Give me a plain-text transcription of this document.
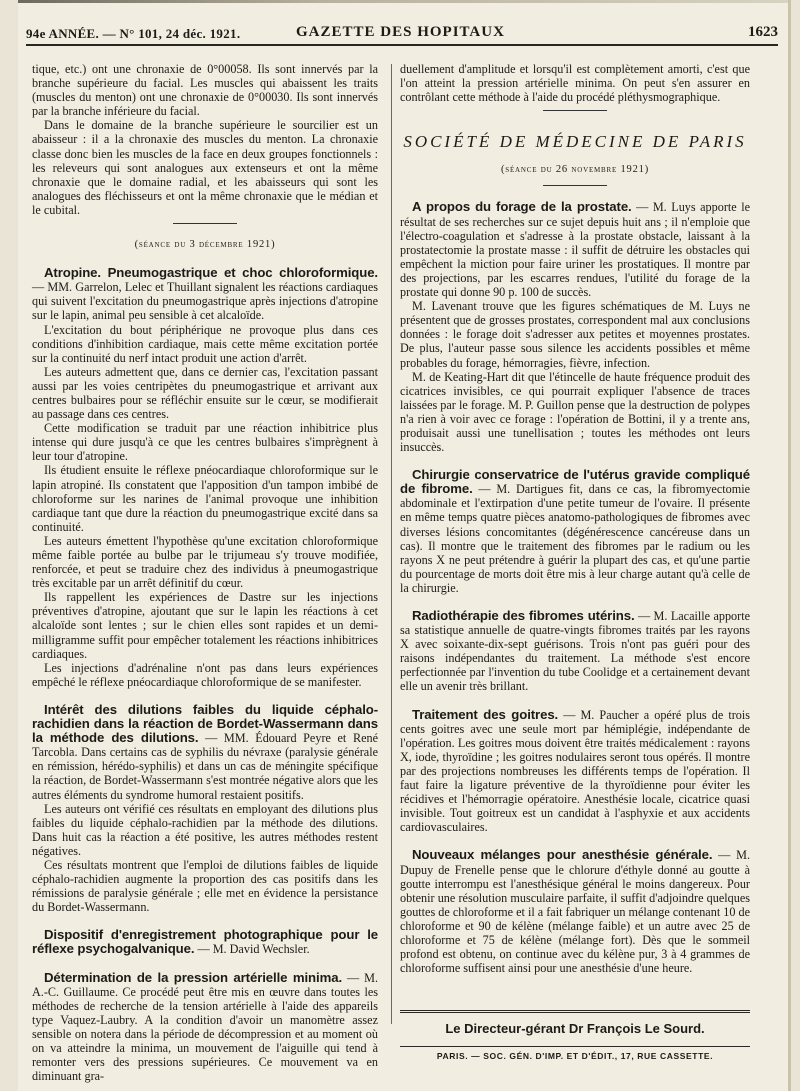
94e ANNÉE. — N° 101, 24 déc. 1921.	GAZETTE DES HOPITAUX	1623

tique, etc.) ont une chronaxie de 0°00058. Ils sont innervés par la branche supérieure du facial. Les muscles qui abaissent les traits (muscles du menton) ont une chronaxie de 0°00030. Ils sont innervés par la branche inférieure du facial.

Dans le domaine de la branche supérieure le sourcilier est un abaisseur : il a la chronaxie des muscles du menton. La chronaxie classe donc bien les muscles de la face en deux groupes fonctionnels : les releveurs qui sont analogues aux extenseurs et ont la même chronaxie que le domaine radial, et les abaisseurs qui sont les analogues des fléchisseurs et ont la même chronaxie que le médian et le cubital.

(séance du 3 décembre 1921)

Atropine. Pneumogastrique et choc chloroformique. — MM. Garrelon, Lelec et Thuillant signalent les réactions cardiaques qui suivent l'excitation du pneumogastrique après injections d'atropine sur le lapin, animal peu sensible à cet alcaloïde.

L'excitation du bout périphérique ne provoque plus dans ces conditions d'inhibition cardiaque, mais cette même excitation portée sur la continuité du nerf intact produit une action d'arrêt.

Les auteurs admettent que, dans ce dernier cas, l'excitation passant aussi par les voies centripètes du pneumogastrique et arrivant aux centres bulbaires pour se réfléchir ensuite sur le cœur, se modifierait au passage dans ces centres.

Cette modification se traduit par une réaction inhibitrice plus intense qui dure jusqu'à ce que les centres bulbaires s'imprègnent à leur tour d'atropine.

Ils étudient ensuite le réflexe pnéocardiaque chloroformique sur le lapin atropiné. Ils constatent que l'apposition d'un tampon imbibé de chloroforme sur les narines de l'animal provoque une inhibition cardiaque tant que dure la réaction du pneumogastrique excité dans sa continuité.

Les auteurs émettent l'hypothèse qu'une excitation chloroformique même faible portée au bulbe par le trijumeau s'y trouve modifiée, renforcée, et peut se traduire chez des individus à pneumogastrique très excitable par un arrêt définitif du cœur.

Ils rappellent les expériences de Dastre sur les injections préventives d'atropine, ajoutant que sur le lapin les réactions à cet alcaloïde sont lentes ; sur le chien elles sont rapides et un demi-milligramme suffit pour empêcher totalement les réactions inhibitrices cardiaques.

Les injections d'adrénaline n'ont pas dans leurs expériences empêché le réflexe pnéocardiaque chloroformique de se manifester.

Intérêt des dilutions faibles du liquide céphalo-rachidien dans la réaction de Bordet-Wassermann dans la méthode des dilutions. — MM. Édouard Peyre et René Tarcobla. Dans certains cas de syphilis du névraxe (paralysie générale en rémission, hérédo-syphilis) et dans un cas de méningite spécifique la réaction, de Bordet-Wassermann s'est montrée négative alors que les autres éléments du syndrome humoral restaient positifs.

Les auteurs ont vérifié ces résultats en employant des dilutions plus faibles du liquide céphalo-rachidien par la méthode des dilutions. Dans huit cas la réaction a été positive, les autres méthodes restent négatives.

Ces résultats montrent que l'emploi de dilutions faibles de liquide céphalo-rachidien augmente la proportion des cas positifs dans les rémissions de paralysie générale ; elle met en évidence la persistance du Bordet-Wassermann.

Dispositif d'enregistrement photographique pour le réflexe psychogalvanique. — M. David Wechsler.

Détermination de la pression artérielle minima. — M. A.-C. Guillaume. Ce procédé peut être mis en œuvre dans toutes les méthodes de recherche de la tension artérielle à l'aide des appareils type Vaquez-Laubry. A la condition d'avoir un manomètre assez sensible on notera dans la période de décompression et au moment où on va atteindre la minima, un mouvement de l'aiguille qui tend à remonter vers des pressions supérieures. Ce mouvement va en diminuant gra-

duellement d'amplitude et lorsqu'il est complètement amorti, c'est que l'on atteint la pression artérielle minima. On peut s'en assurer en contrôlant cette méthode à l'aide du procédé pléthysmographique.

SOCIÉTÉ DE MÉDECINE DE PARIS
(séance du 26 novembre 1921)

A propos du forage de la prostate. — M. Luys apporte le résultat de ses recherches sur ce sujet depuis huit ans ; il n'emploie que l'électro-coagulation et s'adresse à la prostate obstacle, laissant à la prostatectomie la prostate masse : il suffit de détruire les obstacles qui empêchent la miction pour faire uriner les prostatiques. Il montre par des projections, par les escarres rendues, l'utilité du forage de la prostate qui donne 90 p. 100 de succès.

M. Lavenant trouve que les figures schématiques de M. Luys ne présentent que de grosses prostates, correspondent mal aux conclusions données : le forage doit s'adresser aux petites et moyennes prostates. De plus, l'auteur passe sous silence les accidents possibles et même probables du forage, hémorragies, fièvre, infection.

M. de Keating-Hart dit que l'étincelle de haute fréquence produit des cicatrices invisibles, ce qui pourrait expliquer l'absence de traces laissées par le forage. M. P. Guillon pense que la destruction de polypes n'a rien à voir avec ce forage : l'opération de Bottini, il y a trente ans, produisait aussi une tunellisation ; toutes les méthodes ont leurs insuccès.

Chirurgie conservatrice de l'utérus gravide compliqué de fibrome. — M. Dartigues fit, dans ce cas, la fibromyectomie abdominale et l'extirpation d'une petite tumeur de l'ovaire. Il présente en même temps quatre pièces anatomo-pathologiques de fibromes avec diverses lésions concomitantes (dégénérescence cancéreuse dans un cas). Il montre que le traitement des fibromes par le radium ou les rayons X ne peut prétendre à guérir la plupart des cas, et qu'une partie du pourcentage de morts doit être mis à leur charge autant qu'à celle de la chirurgie.

Radiothérapie des fibromes utérins. — M. Lacaille apporte sa statistique annuelle de quatre-vingts fibromes traités par les rayons X avec soixante-dix-sept guérisons. Trois n'ont pas guéri pour des raisons indépendantes du traitement. La méthode s'est encore perfectionnée par l'invention du tube Coolidge et a certainement devant elle un avenir très brillant.

Traitement des goitres. — M. Paucher a opéré plus de trois cents goitres avec une seule mort par hémiplégie, indépendante de l'opération. Les goitres mous doivent être traités médicalement : rayons X, iode, thyroïdine ; les goitres nodulaires seront tous opérés. Il montre par des projections nombreuses les différents temps de l'opération. Il faut faire la ligature préventive de la thyroïdienne pour éviter les récidives et l'hémorragie opératoire. Anesthésie locale, cicatrice quasi invisible. Tout goitreux est un candidat à l'asphyxie et aux accidents cardiovasculaires.

Nouveaux mélanges pour anesthésie générale. — M. Dupuy de Frenelle pense que le chlorure d'éthyle donné au goutte à goutte interrompu est l'anesthésique général le moins dangereux. Pour obtenir une résolution musculaire parfaite, il suffit d'adjoindre quelques gouttes de chloroforme et il a fait fabriquer un mélange contenant 10 de chloroforme et 90 de kélène (mélange faible) et un autre avec 25 de chloroforme et 75 de kélène (mélange fort). Dès que le sommeil profond est obtenu, on continue avec du kélène pur, 3 à 4 grammes de chloroforme suffisent ainsi pour une anesthésie d'une heure.

Le Directeur-gérant Dr François Le Sourd.
PARIS. — SOC. GÉN. D'IMP. ET D'ÉDIT., 17, RUE CASSETTE.
